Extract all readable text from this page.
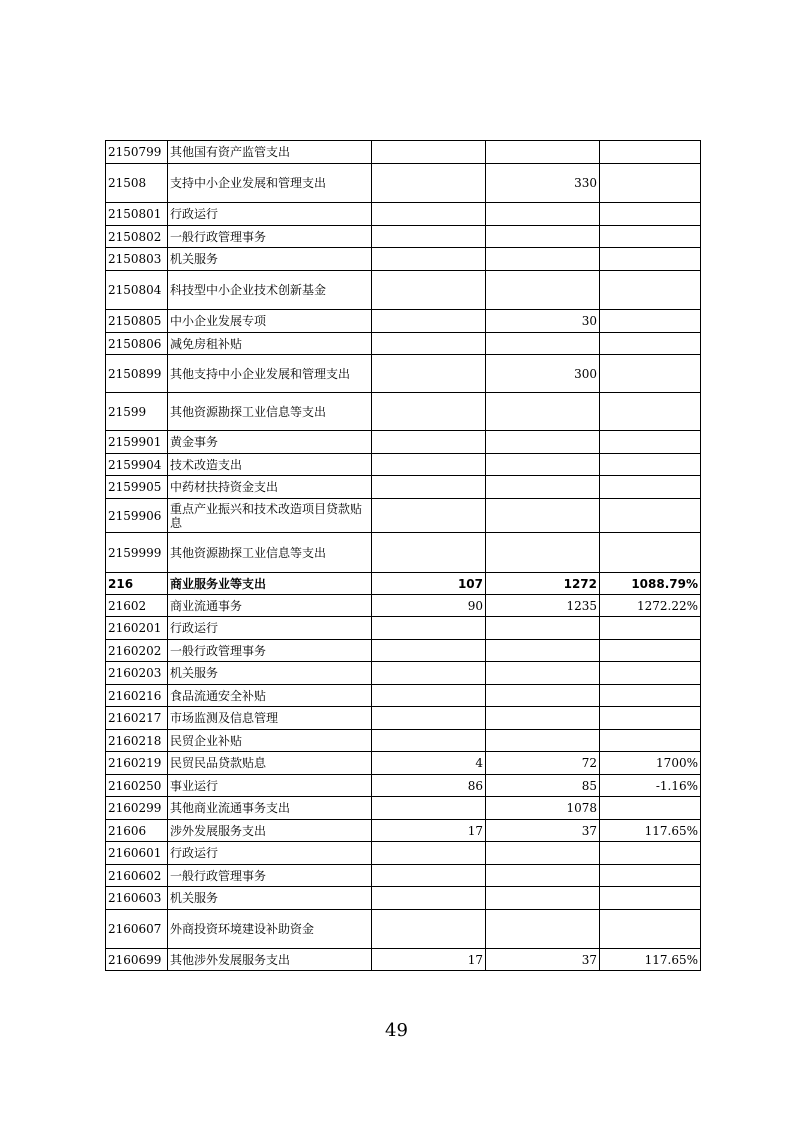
2150799	其他国有资产监管支出			
21508	支持中小企业发展和管理支出		330	
2150801	行政运行			
2150802	一般行政管理事务			
2150803	机关服务			
2150804	科技型中小企业技术创新基金			
2150805	中小企业发展专项		30	
2150806	减免房租补贴			
2150899	其他支持中小企业发展和管理支出		300	
21599	其他资源勘探工业信息等支出			
2159901	黄金事务			
2159904	技术改造支出			
2159905	中药材扶持资金支出			
2159906	重点产业振兴和技术改造项目贷款贴息			
2159999	其他资源勘探工业信息等支出			
216	商业服务业等支出	107	1272	1088.79%
21602	商业流通事务	90	1235	1272.22%
2160201	行政运行			
2160202	一般行政管理事务			
2160203	机关服务			
2160216	食品流通安全补贴			
2160217	市场监测及信息管理			
2160218	民贸企业补贴			
2160219	民贸民品贷款贴息	4	72	1700%
2160250	事业运行	86	85	-1.16%
2160299	其他商业流通事务支出		1078	
21606	涉外发展服务支出	17	37	117.65%
2160601	行政运行			
2160602	一般行政管理事务			
2160603	机关服务			
2160607	外商投资环境建设补助资金			
2160699	其他涉外发展服务支出	17	37	117.65%
49
